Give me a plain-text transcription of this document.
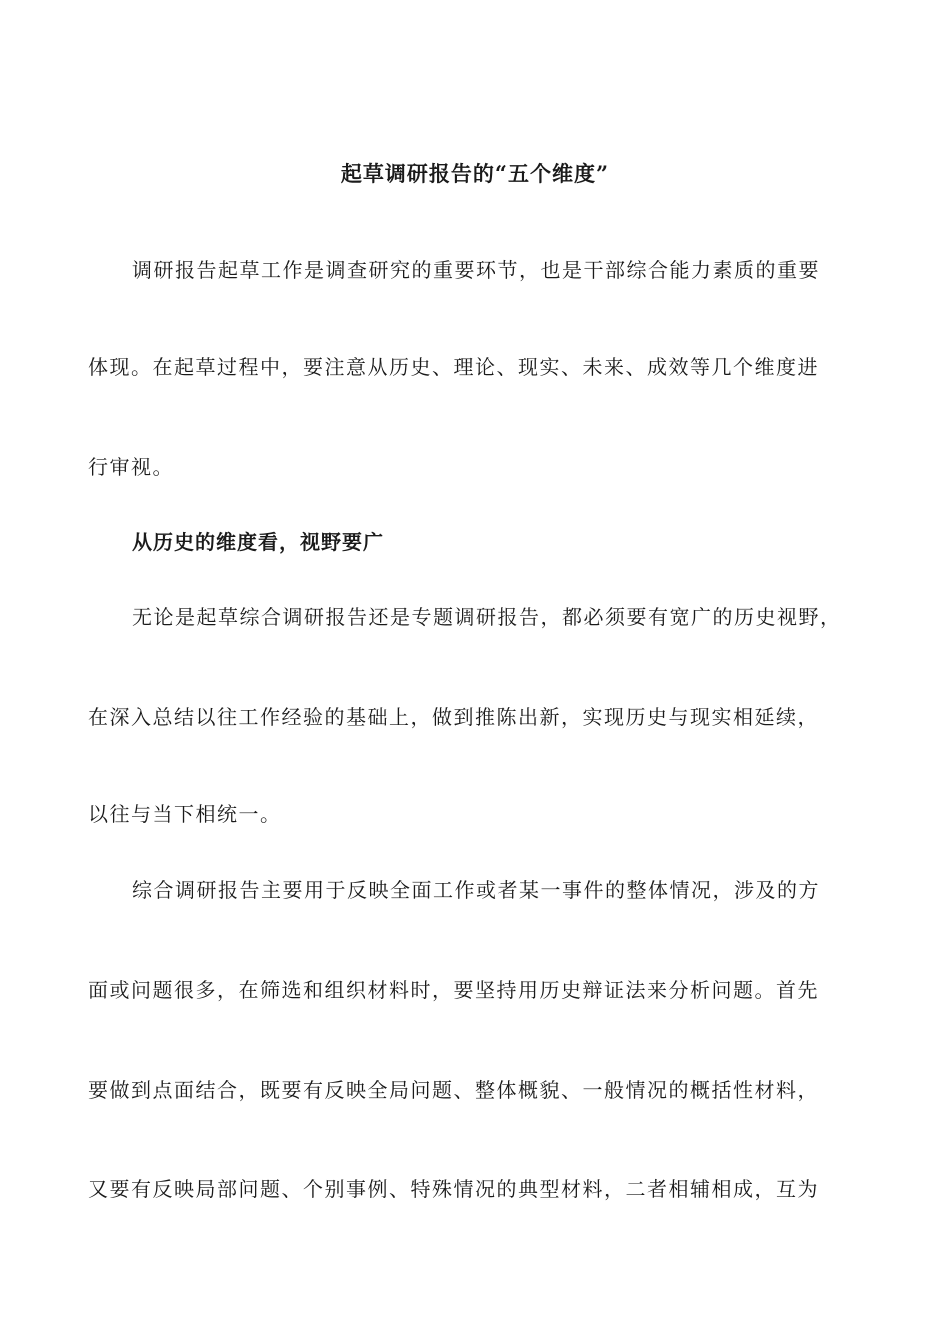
起草调研报告的“五个维度”

调研报告起草工作是调查研究的重要环节，也是干部综合能力素质的重要

体现。在起草过程中，要注意从历史、理论、现实、未来、成效等几个维度进

行审视。

从历史的维度看，视野要广

无论是起草综合调研报告还是专题调研报告，都必须要有宽广的历史视野，

在深入总结以往工作经验的基础上，做到推陈出新，实现历史与现实相延续，

以往与当下相统一。

综合调研报告主要用于反映全面工作或者某一事件的整体情况，涉及的方

面或问题很多，在筛选和组织材料时，要坚持用历史辩证法来分析问题。首先

要做到点面结合，既要有反映全局问题、整体概貌、一般情况的概括性材料，

又要有反映局部问题、个别事例、特殊情况的典型材料，二者相辅相成，互为
